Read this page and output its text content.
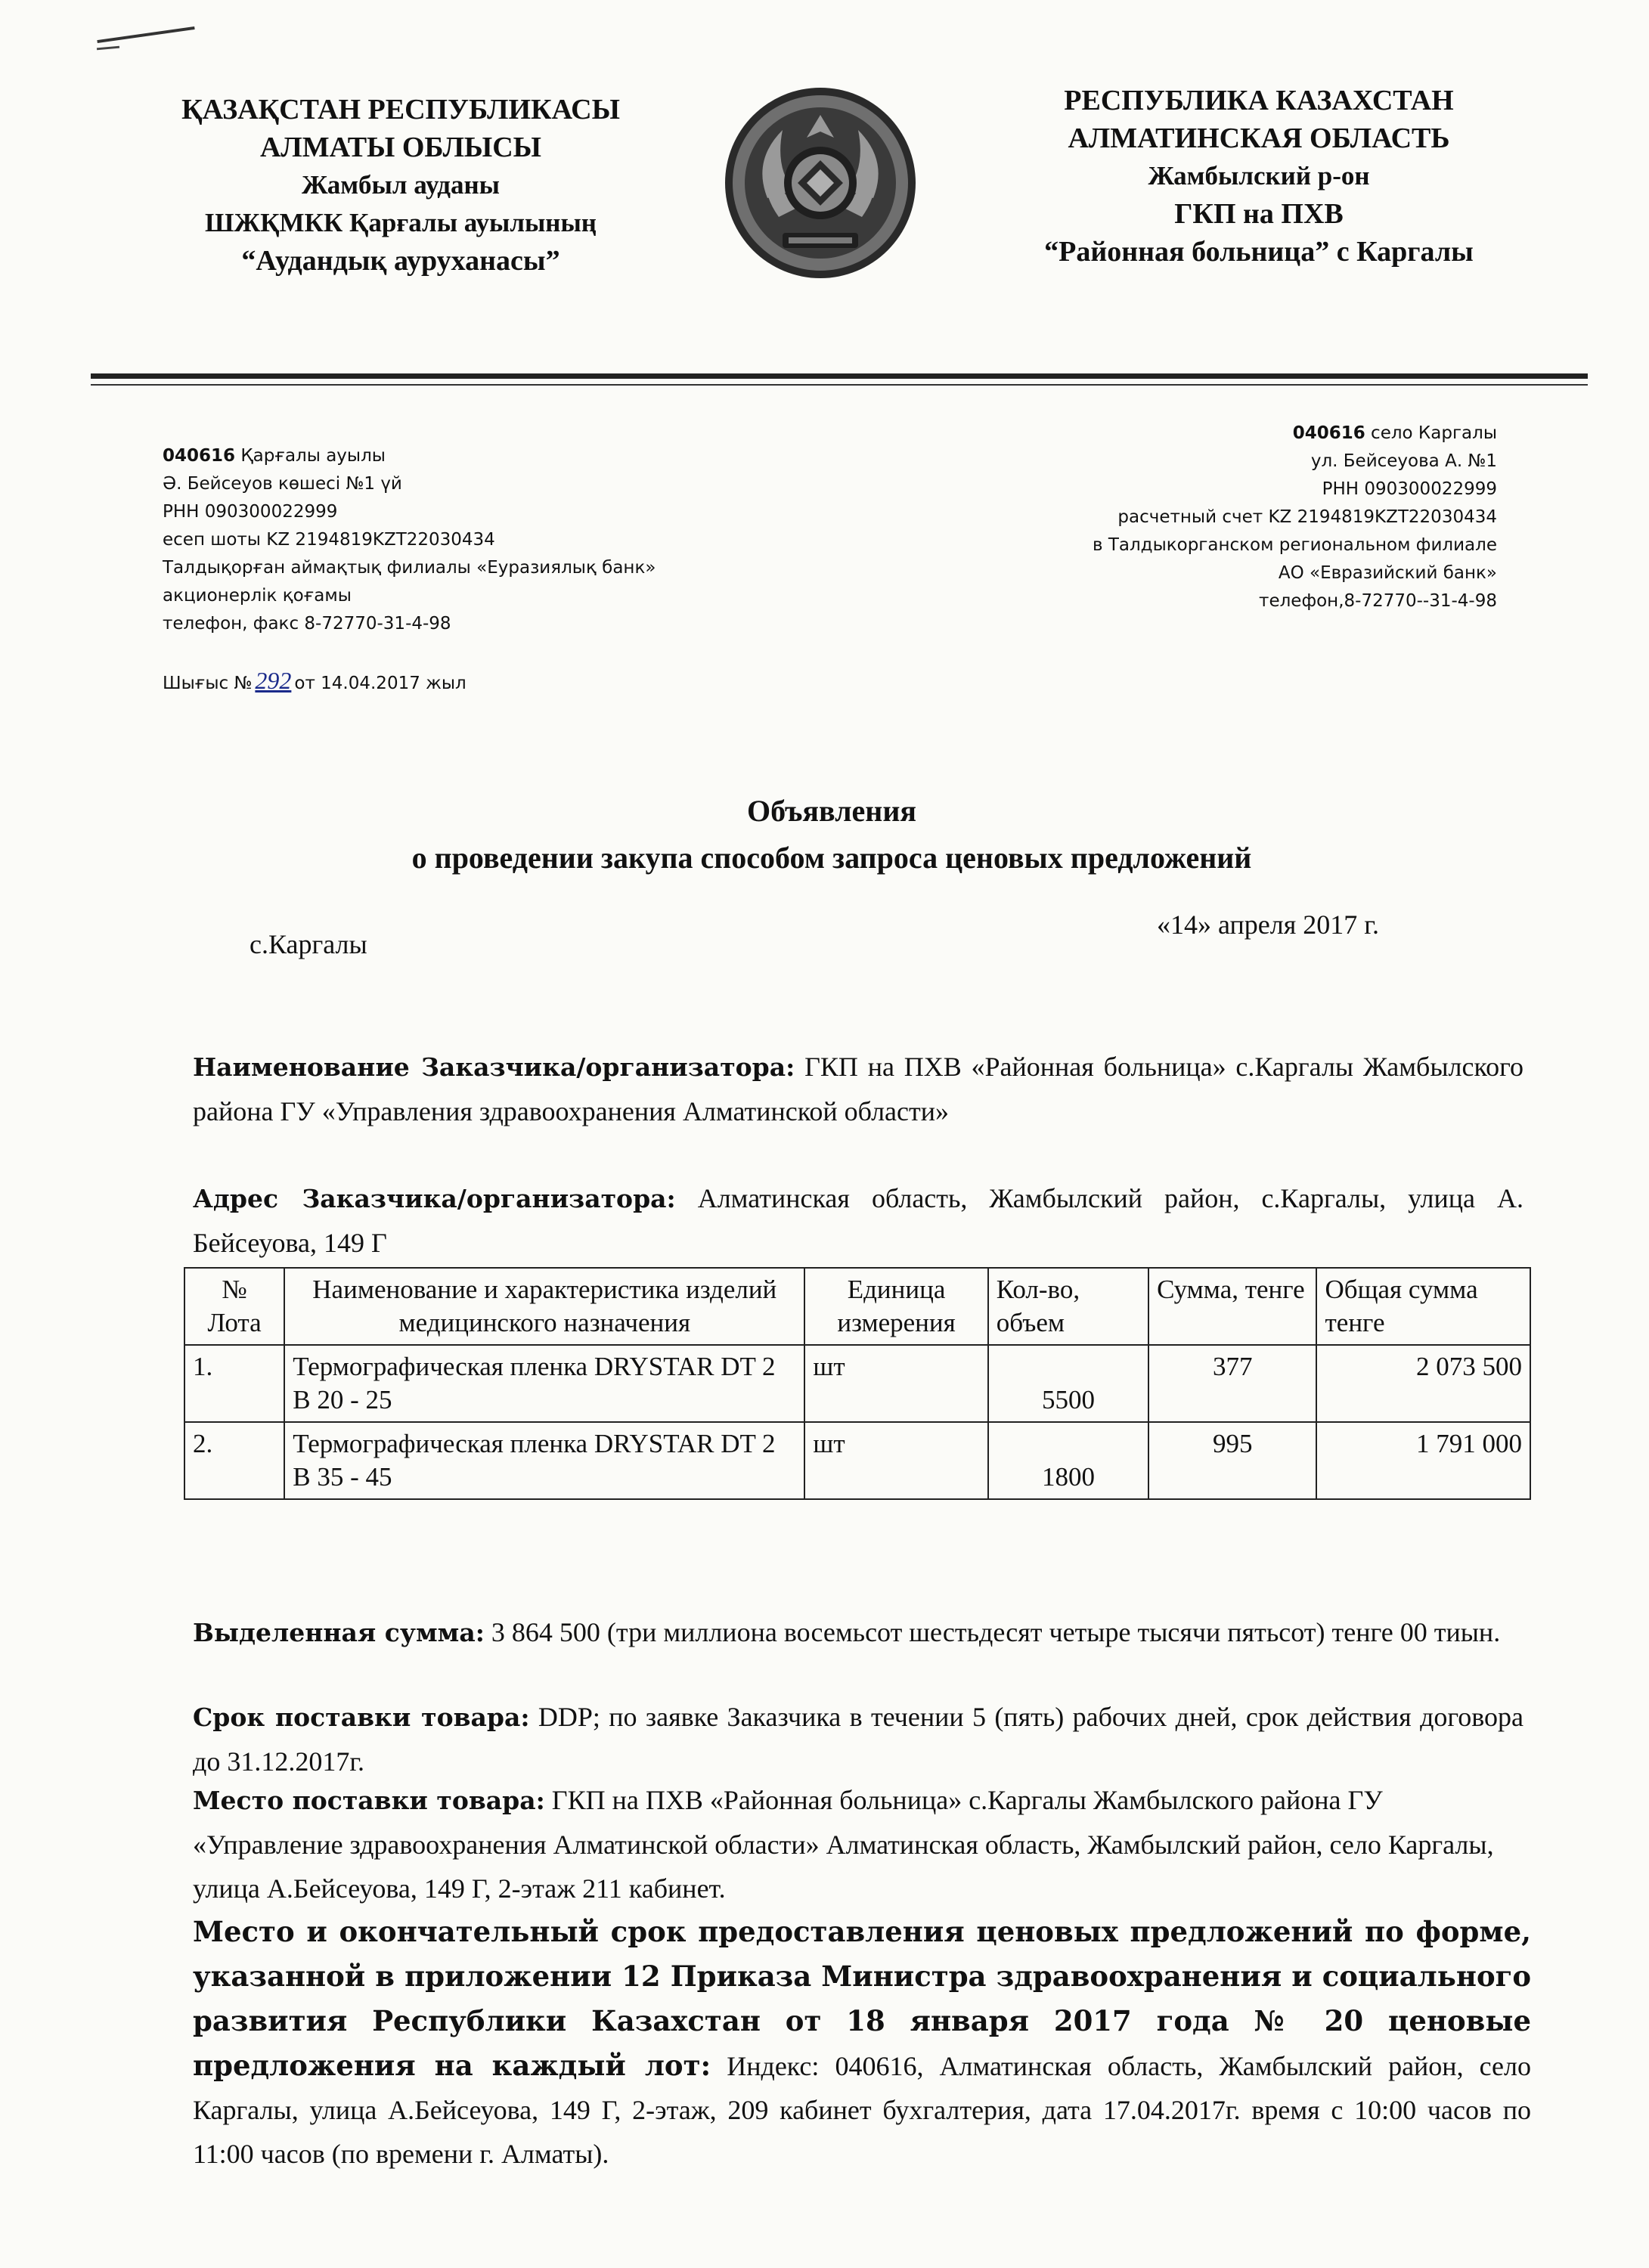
ҚАЗАҚСТАН РЕСПУБЛИКАСЫ
АЛМАТЫ ОБЛЫСЫ
Жамбыл ауданы
ШЖҚМКК Қарғалы ауылының
“Аудандық ауруханасы”
РЕСПУБЛИКА КАЗАХСТАН
АЛМАТИНСКАЯ ОБЛАСТЬ
Жамбылский р-он
ГКП на ПХВ
“Районная больница” с Каргалы
040616 Қарғалы ауылы
Ә. Бейсеуов көшесі №1 үй
РНН 090300022999
есеп шоты KZ 2194819KZT22030434
Талдықорған аймақтық филиалы «Еуразиялық банк»
акционерлік қоғамы
телефон, факс 8-72770-31-4-98
040616 село Каргалы
ул. Бейсеуова А. №1
РНН 090300022999
расчетный счет KZ 2194819KZT22030434
в Талдыкорганском региональном филиале
АО «Евразийский банк»
телефон,8-72770--31-4-98
Шығыс № 292 от 14.04.2017 жыл
Объявления
о проведении закупа способом запроса ценовых предложений
с.Каргалы
«14» апреля 2017 г.
Наименование Заказчика/организатора: ГКП на ПХВ «Районная больница» с.Каргалы Жамбылского района ГУ «Управления здравоохранения Алматинской области»
Адрес Заказчика/организатора: Алматинская область, Жамбылский район, с.Каргалы, улица А. Бейсеуова, 149 Г
№ Лота	Наименование и характеристика изделий медицинского назначения	Единица измерения	Кол-во, объем	Сумма, тенге	Общая сумма тенге
1.	Термографическая пленка DRYSTAR DT 2 B 20 - 25	шт	5500	377	2 073 500
2.	Термографическая пленка DRYSTAR DT 2 B 35 - 45	шт	1800	995	1 791 000
Выделенная сумма: 3 864 500 (три миллиона восемьсот шестьдесят четыре тысячи пятьсот) тенге 00 тиын.
Срок поставки товара: DDP; по заявке Заказчика в течении 5 (пять) рабочих дней, срок действия договора до 31.12.2017г.
Место поставки товара: ГКП на ПХВ «Районная больница» с.Каргалы Жамбылского района ГУ «Управление здравоохранения Алматинской области» Алматинская область, Жамбылский район, село Каргалы, улица А.Бейсеуова, 149 Г, 2-этаж 211 кабинет.
Место и окончательный срок предоставления ценовых предложений по форме, указанной в приложении 12 Приказа Министра здравоохранения и социального развития Республики Казахстан от 18 января 2017 года № 20 ценовые предложения на каждый лот: Индекс: 040616, Алматинская область, Жамбылский район, село Каргалы, улица А.Бейсеуова, 149 Г, 2-этаж, 209 кабинет бухгалтерия, дата 17.04.2017г. время с 10:00 часов по 11:00 часов (по времени г. Алматы).
